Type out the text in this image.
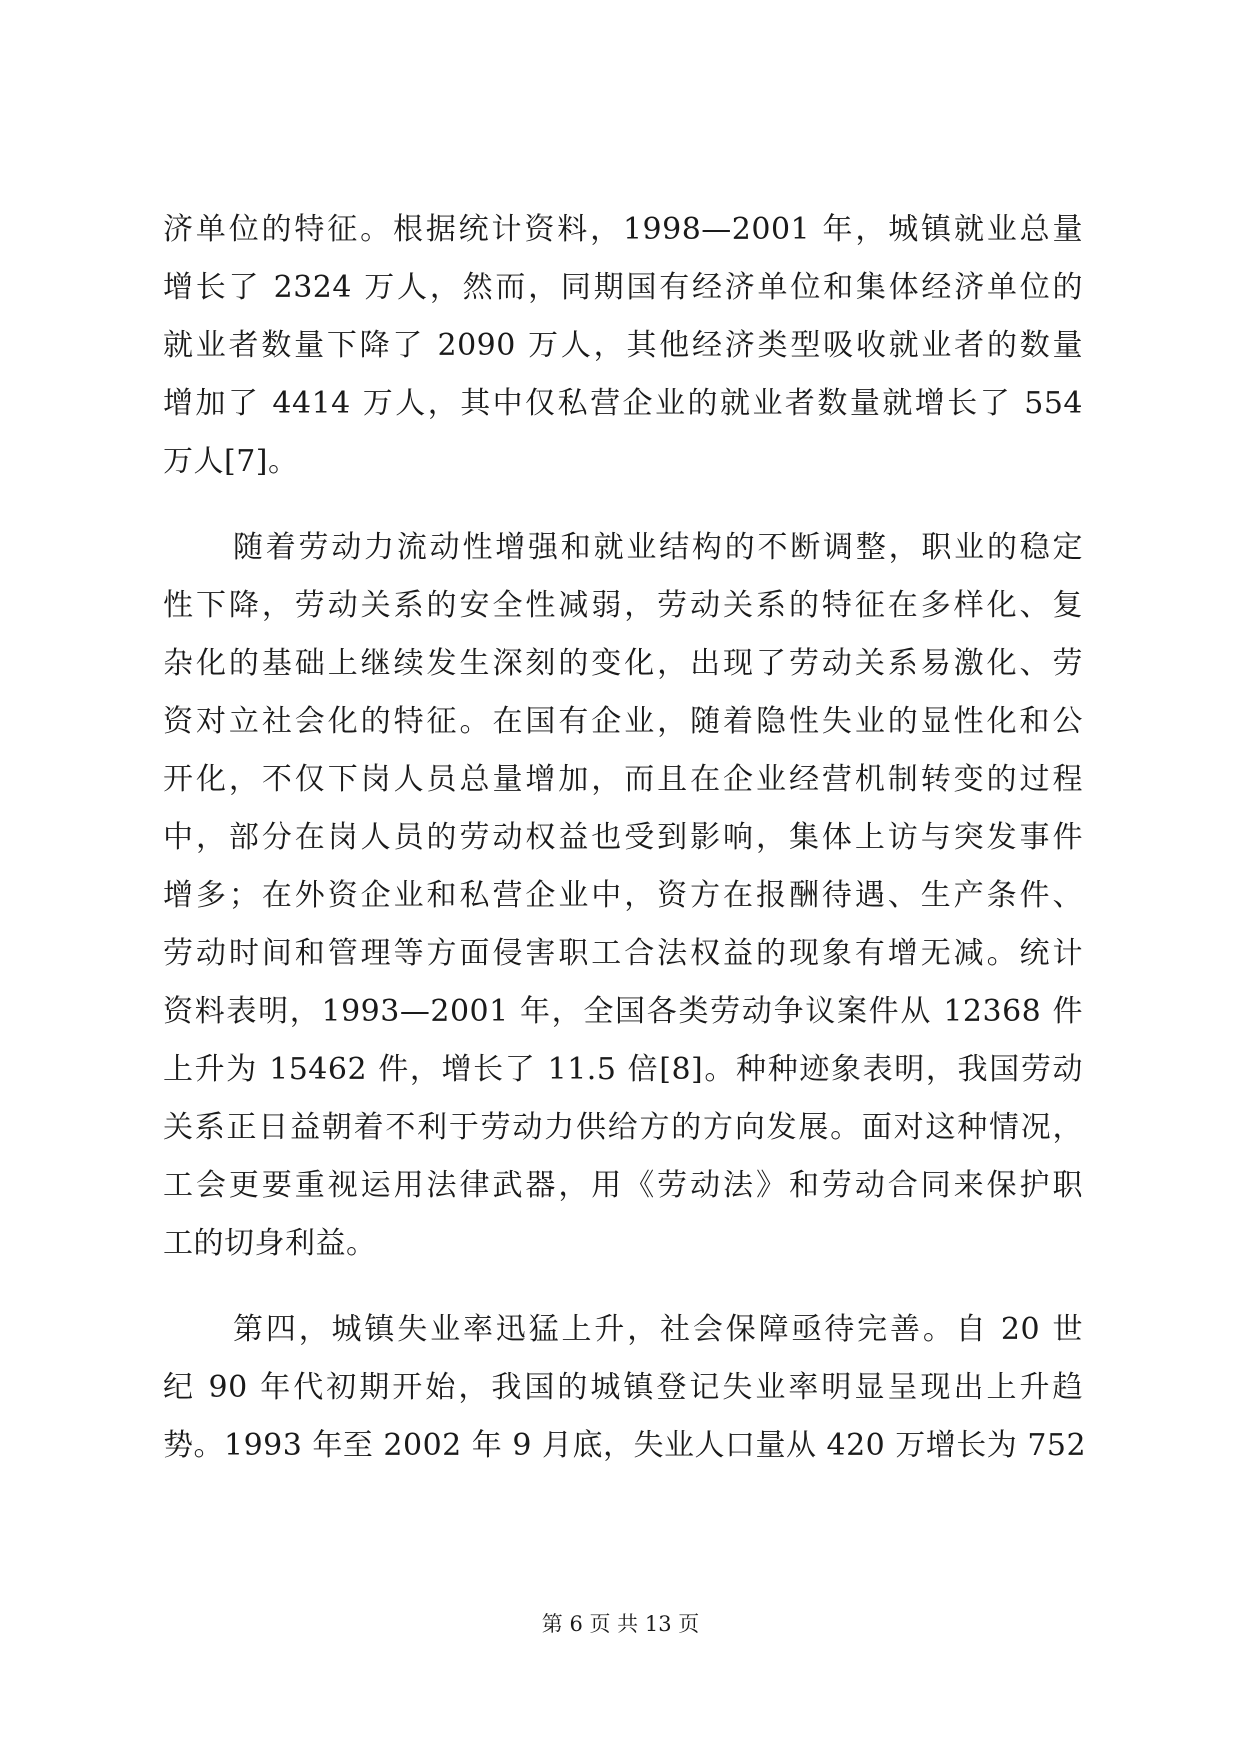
济单位的特征。根据统计资料，1998—2001 年，城镇就业总量
增长了 2324 万人，然而，同期国有经济单位和集体经济单位的
就业者数量下降了 2090 万人，其他经济类型吸收就业者的数量
增加了 4414 万人，其中仅私营企业的就业者数量就增长了 554
万人[7]。
随着劳动力流动性增强和就业结构的不断调整，职业的稳定
性下降，劳动关系的安全性减弱，劳动关系的特征在多样化、复
杂化的基础上继续发生深刻的变化，出现了劳动关系易激化、劳
资对立社会化的特征。在国有企业，随着隐性失业的显性化和公
开化，不仅下岗人员总量增加，而且在企业经营机制转变的过程
中，部分在岗人员的劳动权益也受到影响，集体上访与突发事件
增多；在外资企业和私营企业中，资方在报酬待遇、生产条件、
劳动时间和管理等方面侵害职工合法权益的现象有增无减。统计
资料表明，1993—2001 年，全国各类劳动争议案件从 12368 件
上升为 15462 件，增长了 11.5 倍[8]。种种迹象表明，我国劳动
关系正日益朝着不利于劳动力供给方的方向发展。面对这种情况，
工会更要重视运用法律武器，用《劳动法》和劳动合同来保护职
工的切身利益。
第四，城镇失业率迅猛上升，社会保障亟待完善。自 20 世
纪 90 年代初期开始，我国的城镇登记失业率明显呈现出上升趋
势。1993 年至 2002 年 9 月底，失业人口量从 420 万增长为 752
第 6 页 共 13 页
